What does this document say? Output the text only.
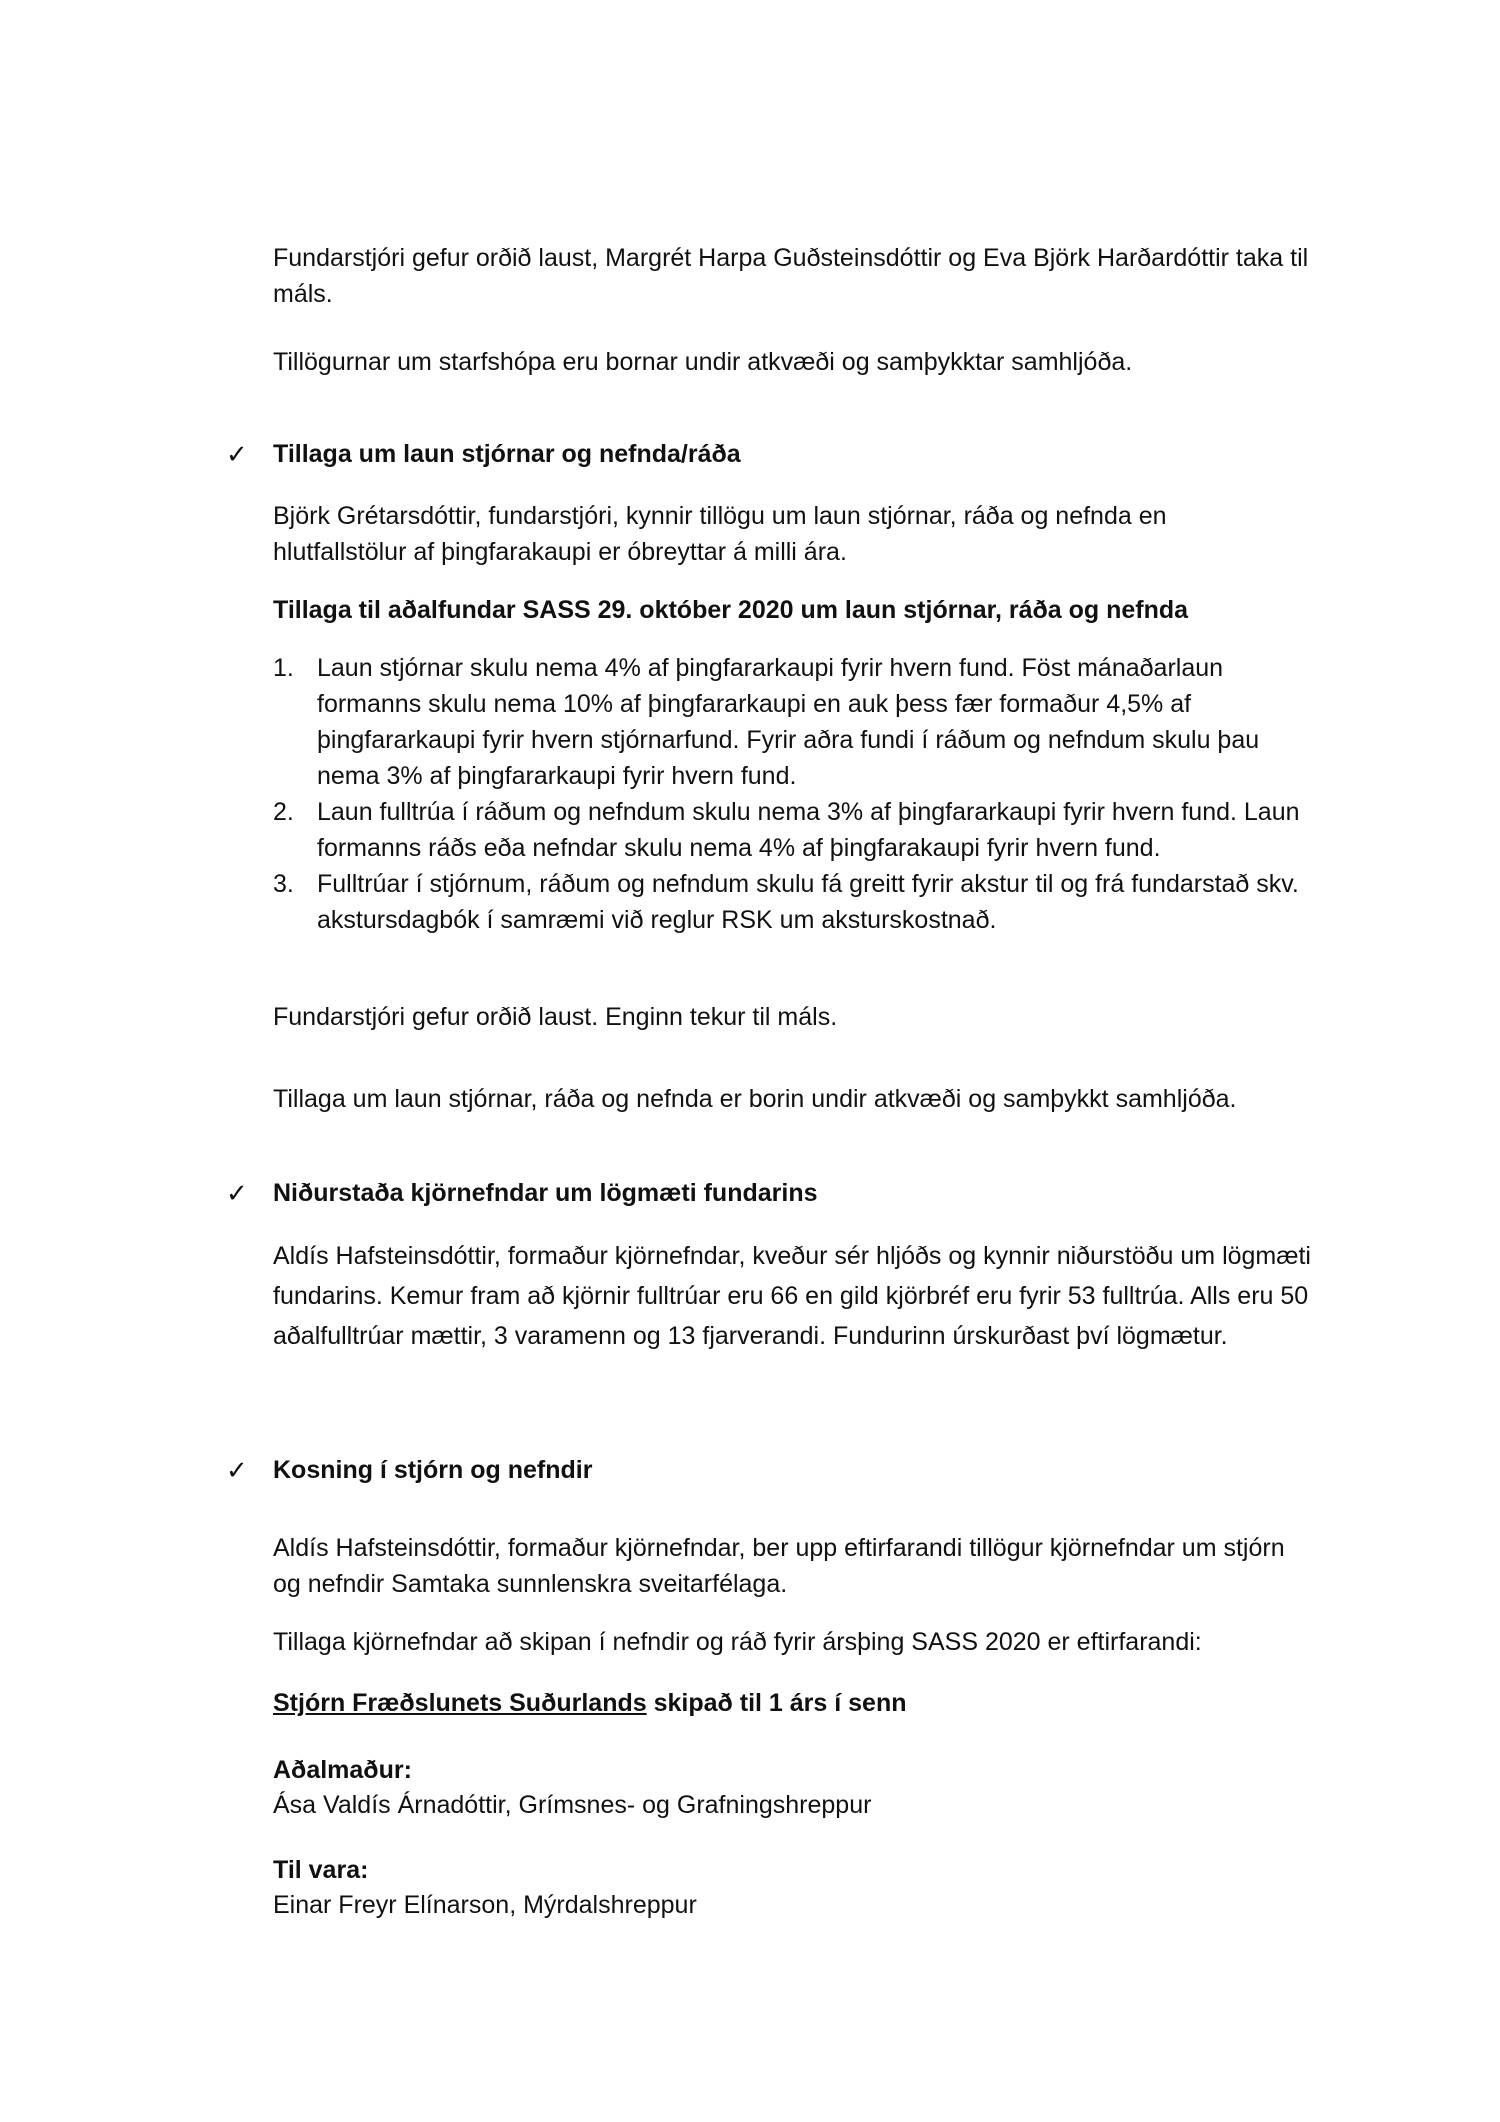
Fundarstjóri gefur orðið laust, Margrét Harpa Guðsteinsdóttir og Eva Björk Harðardóttir taka til máls.

Tillögurnar um starfshópa eru bornar undir atkvæði og samþykktar samhljóða.

✓ Tillaga um laun stjórnar og nefnda/ráða

Björk Grétarsdóttir, fundarstjóri, kynnir tillögu um laun stjórnar, ráða og nefnda en hlutfallstölur af þingfarakaupi er óbreyttar á milli ára.

Tillaga til aðalfundar SASS 29. október 2020 um laun stjórnar, ráða og nefnda

1. Laun stjórnar skulu nema 4% af þingfararkaupi fyrir hvern fund. Föst mánaðarlaun formanns skulu nema 10% af þingfararkaupi en auk þess fær formaður 4,5% af þingfararkaupi fyrir hvern stjórnarfund. Fyrir aðra fundi í ráðum og nefndum skulu þau nema 3% af þingfararkaupi fyrir hvern fund.
2. Laun fulltrúa í ráðum og nefndum skulu nema 3% af þingfararkaupi fyrir hvern fund. Laun formanns ráðs eða nefndar skulu nema 4% af þingfarakaupi fyrir hvern fund.
3. Fulltrúar í stjórnum, ráðum og nefndum skulu fá greitt fyrir akstur til og frá fundarstað skv. akstursdagbók í samræmi við reglur RSK um aksturskostnað.

Fundarstjóri gefur orðið laust. Enginn tekur til máls.

Tillaga um laun stjórnar, ráða og nefnda er borin undir atkvæði og samþykkt samhljóða.

✓ Niðurstaða kjörnefndar um lögmæti fundarins

Aldís Hafsteinsdóttir, formaður kjörnefndar, kveður sér hljóðs og kynnir niðurstöðu um lögmæti fundarins. Kemur fram að kjörnir fulltrúar eru 66 en gild kjörbréf eru fyrir 53 fulltrúa. Alls eru 50 aðalfulltrúar mættir, 3 varamenn og 13 fjarverandi. Fundurinn úrskurðast því lögmætur.

✓ Kosning í stjórn og nefndir

Aldís Hafsteinsdóttir, formaður kjörnefndar, ber upp eftirfarandi tillögur kjörnefndar um stjórn og nefndir Samtaka sunnlenskra sveitarfélaga.

Tillaga kjörnefndar að skipan í nefndir og ráð fyrir ársþing SASS 2020 er eftirfarandi:

Stjórn Fræðslunets Suðurlands skipað til 1 árs í senn

Aðalmaður:

Ása Valdís Árnadóttir, Grímsnes- og Grafningshreppur

Til vara:

Einar Freyr Elínarson, Mýrdalshreppur
